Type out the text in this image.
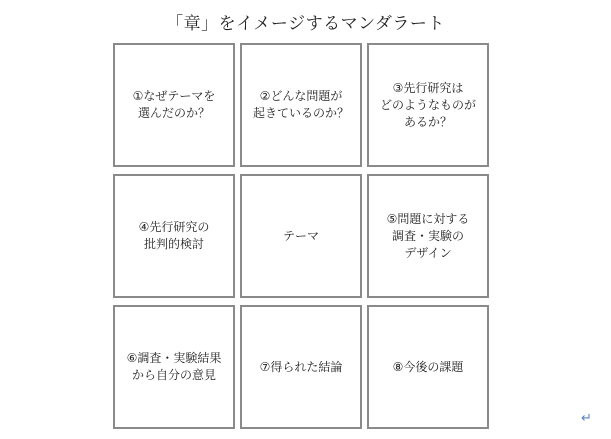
「章」をイメージするマンダラート
①なぜテーマを
選んだのか？
②どんな問題が
起きているのか？
③先行研究は
どのようなものが
あるか？
④先行研究の
批判的検討
テーマ
⑤問題に対する
調査・実験の
デザイン
⑥調査・実験結果
から自分の意見
⑦得られた結論	⑧今後の課題
↵
